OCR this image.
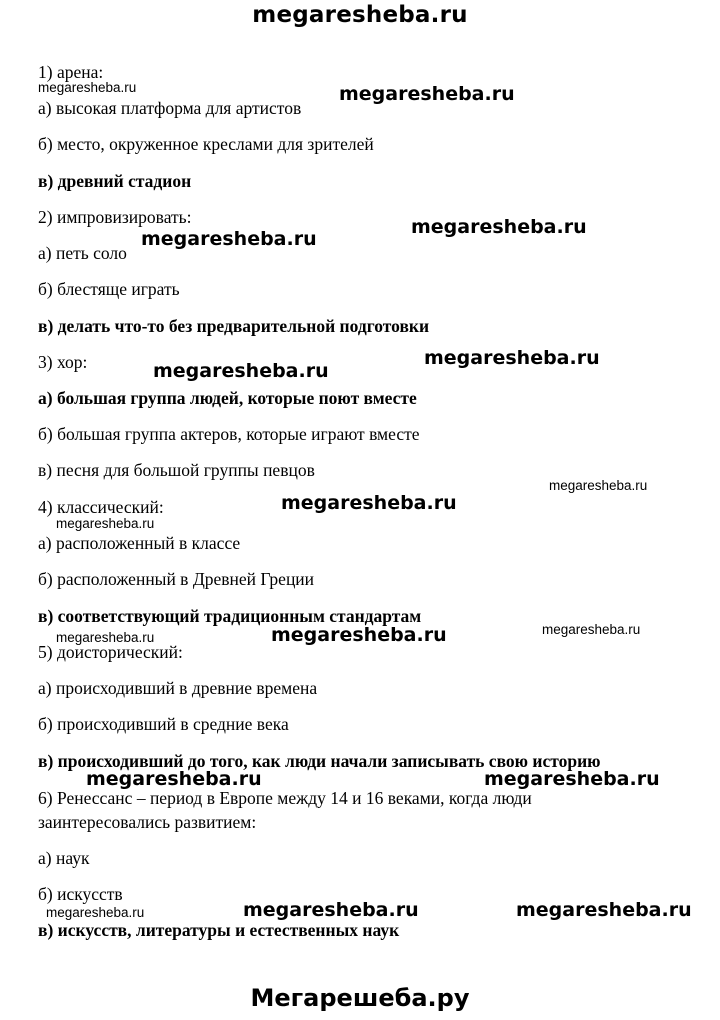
megaresheba.ru
1) арена:
а) высокая платформа для артистов
б) место, окруженное креслами для зрителей
в) древний стадион
2) импровизировать:
а) петь соло
б) блестяще играть
в) делать что-то без предварительной подготовки
3) хор:
а) большая группа людей, которые поют вместе
б) большая группа актеров, которые играют вместе
в) песня для большой группы певцов
4) классический:
а) расположенный в классе
б) расположенный в Древней Греции
в) соответствующий традиционным стандартам
5) доисторический:
а) происходивший в древние времена
б) происходивший в средние века
в) происходивший до того, как люди начали записывать свою историю
6) Ренессанс – период в Европе между 14 и 16 веками, когда люди
заинтересовались развитием:
а) наук
б) искусств
в) искусств, литературы и естественных наук
megaresheba.ru	megaresheba.ru
megaresheba.ru
megaresheba.ru
megaresheba.ru
megaresheba.ru
megaresheba.ru
megaresheba.ru
megaresheba.ru
megaresheba.ru
megaresheba.ru
megaresheba.ru
megaresheba.ru	megaresheba.ru
megaresheba.ru	megaresheba.ru
megaresheba.ru
Мегарешеба.ру
